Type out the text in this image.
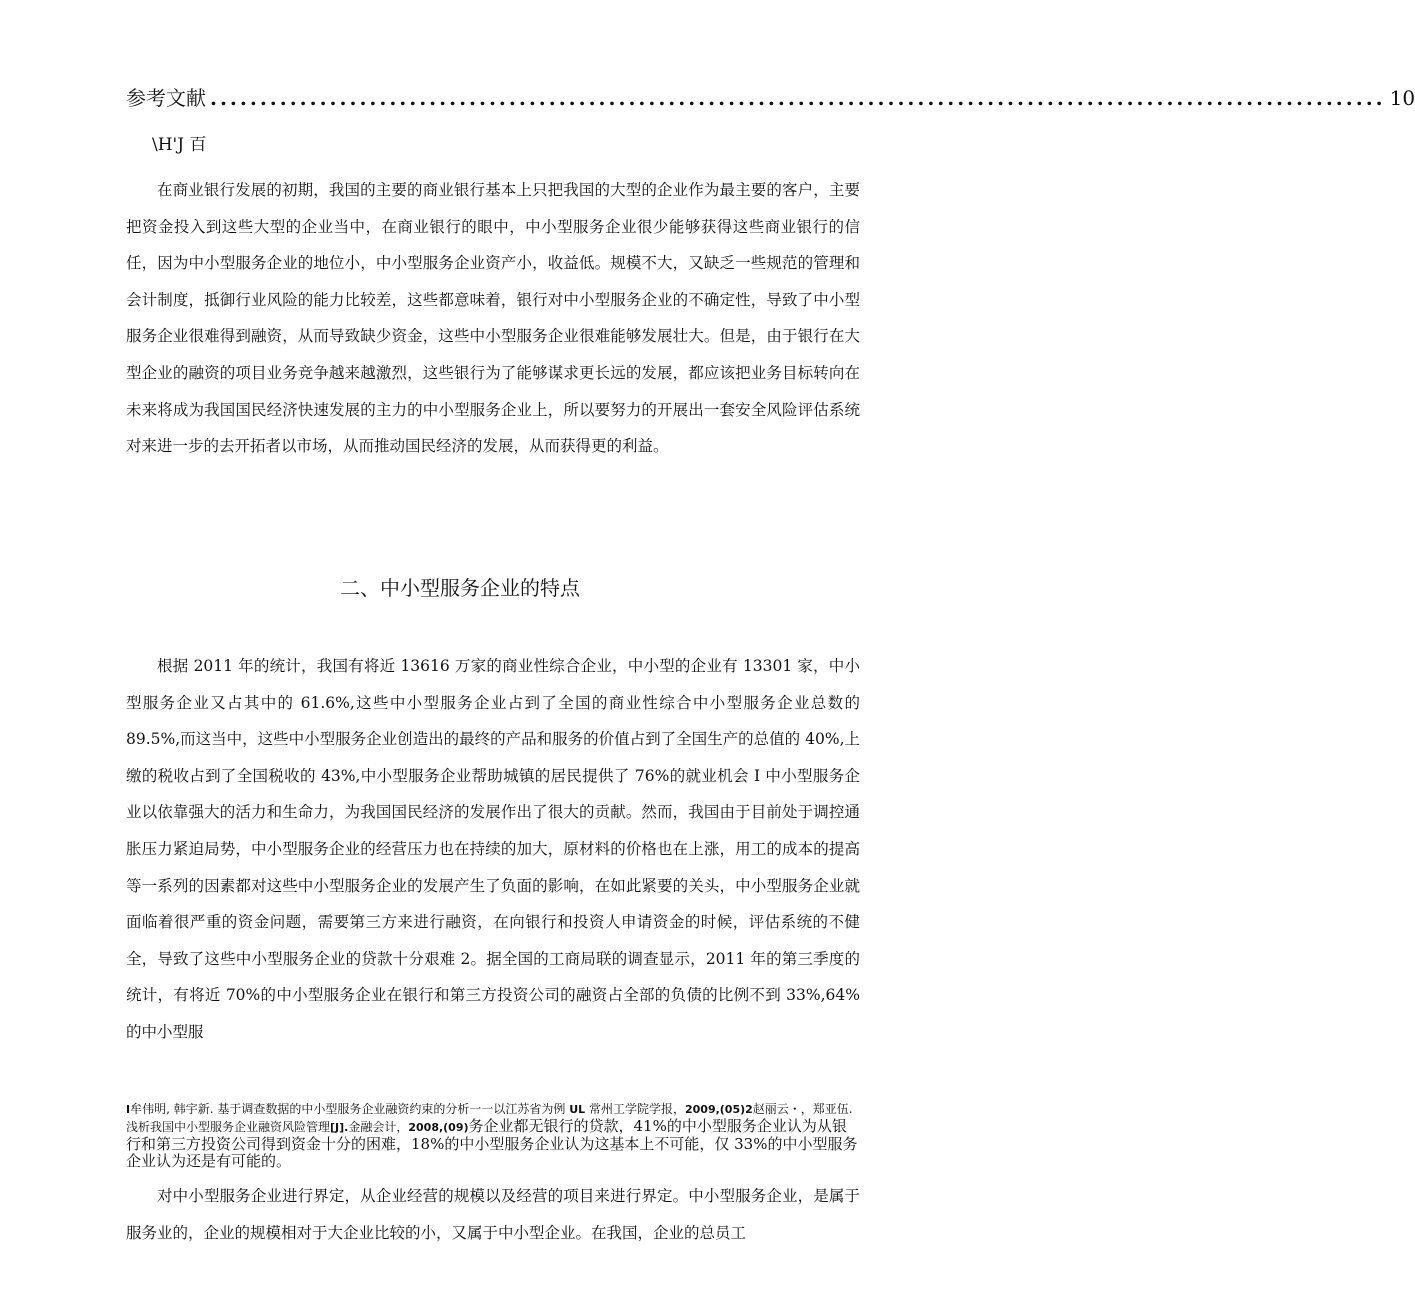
参考文献 ...................................................................................................................... 10
\H'J 百

在商业银行发展的初期，我国的主要的商业银行基本上只把我国的大型的企业作为最主要的客户，主要把资金投入到这些大型的企业当中，在商业银行的眼中，中小型服务企业很少能够获得这些商业银行的信任，因为中小型服务企业的地位小，中小型服务企业资产小，收益低。规模不大，又缺乏一些规范的管理和会计制度，抵御行业风险的能力比较差，这些都意味着，银行对中小型服务企业的不确定性，导致了中小型服务企业很难得到融资，从而导致缺少资金，这些中小型服务企业很难能够发展壮大。但是，由于银行在大型企业的融资的项目业务竞争越来越激烈，这些银行为了能够谋求更长远的发展，都应该把业务目标转向在未来将成为我国国民经济快速发展的主力的中小型服务企业上，所以要努力的开展出一套安全风险评估系统对来进一步的去开拓者以市场，从而推动国民经济的发展，从而获得更的利益。

二、中小型服务企业的特点

根据 2011 年的统计，我国有将近 13616 万家的商业性综合企业，中小型的企业有 13301 家，中小型服务企业又占其中的 61.6%,这些中小型服务企业占到了全国的商业性综合中小型服务企业总数的 89.5%,而这当中，这些中小型服务企业创造出的最终的产品和服务的价值占到了全国生产的总值的 40%,上缴的税收占到了全国税收的 43%,中小型服务企业帮助城镇的居民提供了 76%的就业机会 I 中小型服务企业以依靠强大的活力和生命力，为我国国民经济的发展作出了很大的贡献。然而，我国由于目前处于调控通胀压力紧迫局势，中小型服务企业的经营压力也在持续的加大，原材料的价格也在上涨，用工的成本的提高等一系列的因素都对这些中小型服务企业的发展产生了负面的影响，在如此紧要的关头，中小型服务企业就面临着很严重的资金问题，需要第三方来进行融资，在向银行和投资人申请资金的时候，评估系统的不健全，导致了这些中小型服务企业的贷款十分艰难 2。据全国的工商局联的调查显示，2011 年的第三季度的统计，有将近 70%的中小型服务企业在银行和第三方投资公司的融资占全部的负债的比例不到 33%,64%的中小型服

I牟伟明, 韩宇新. 基于调查数据的中小型服务企业融资约束的分析一一以江苏省为例 UL 常州工学院学报，2009,(05)2赵丽云・，郑亚伍. 浅析我国中小型服务企业融资风险管理[J].金融会计，2008,(09)务企业都无银行的贷款，41%的中小型服务企业认为从银行和第三方投资公司得到资金十分的困难，18%的中小型服务企业认为这基本上不可能，仅 33%的中小型服务企业认为还是有可能的。

对中小型服务企业进行界定，从企业经营的规模以及经营的项目来进行界定。中小型服务企业，是属于服务业的，企业的规模相对于大企业比较的小，又属于中小型企业。在我国，企业的总员工
